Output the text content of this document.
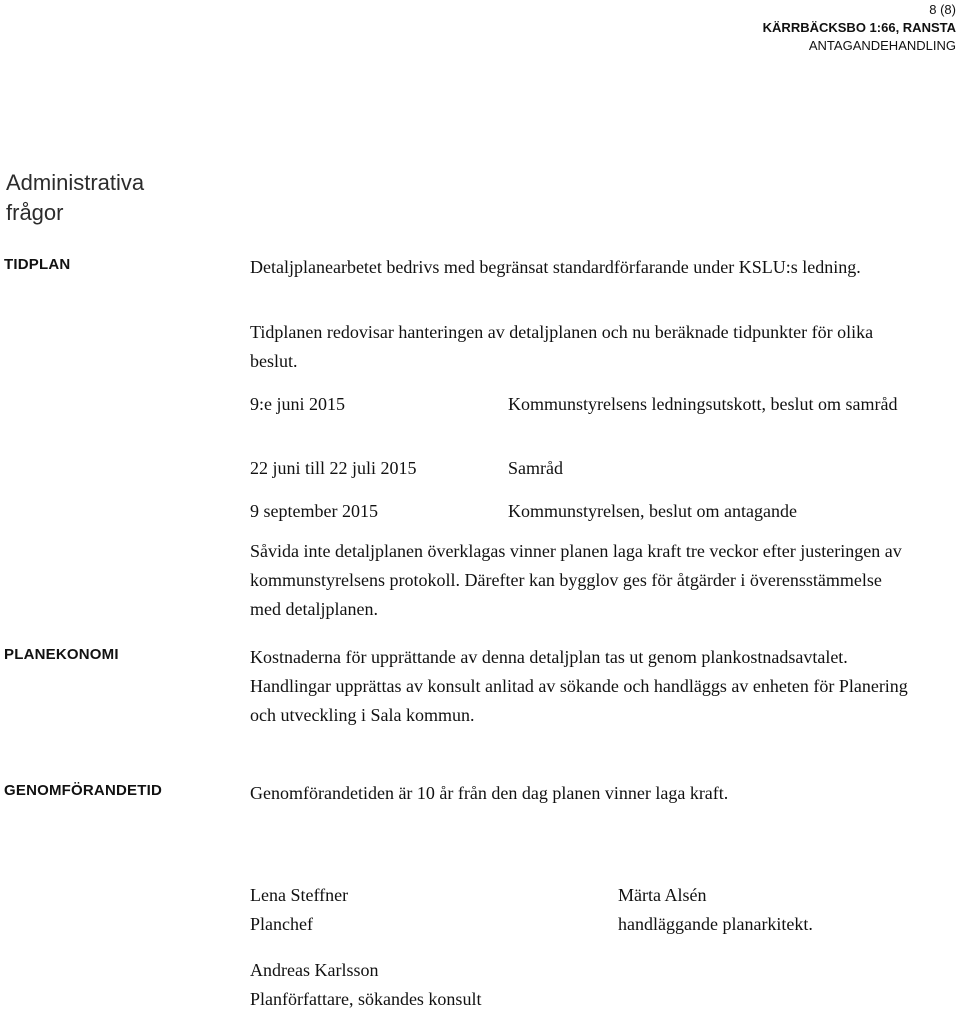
8 (8)
KÄRRBÄCKSBO 1:66, RANSTA
ANTAGANDEHANDLING
Administrativa
frågor
TIDPLAN	Detaljplanearbetet bedrivs med begränsat standardförfarande under KSLU:s ledning.
Tidplanen redovisar hanteringen av detaljplanen och nu beräknade tidpunkter för olika beslut.
9:e juni 2015	Kommunstyrelsens ledningsutskott, beslut om samråd
22 juni till 22 juli 2015	Samråd
9 september 2015	Kommunstyrelsen, beslut om antagande
Såvida inte detaljplanen överklagas vinner planen laga kraft tre veckor efter justeringen av kommunstyrelsens protokoll. Därefter kan bygglov ges för åtgärder i överensstämmelse med detaljplanen.
PLANEKONOMI	Kostnaderna för upprättande av denna detaljplan tas ut genom plankostnadsavtalet. Handlingar upprättas av konsult anlitad av sökande och handläggs av enheten för Planering och utveckling i Sala kommun.
GENOMFÖRANDETID	Genomförandetiden är 10 år från den dag planen vinner laga kraft.
Lena Steffner
Planchef
Märta Alsén
handläggande planarkitekt.
Andreas Karlsson
Planförfattare, sökandes konsult
